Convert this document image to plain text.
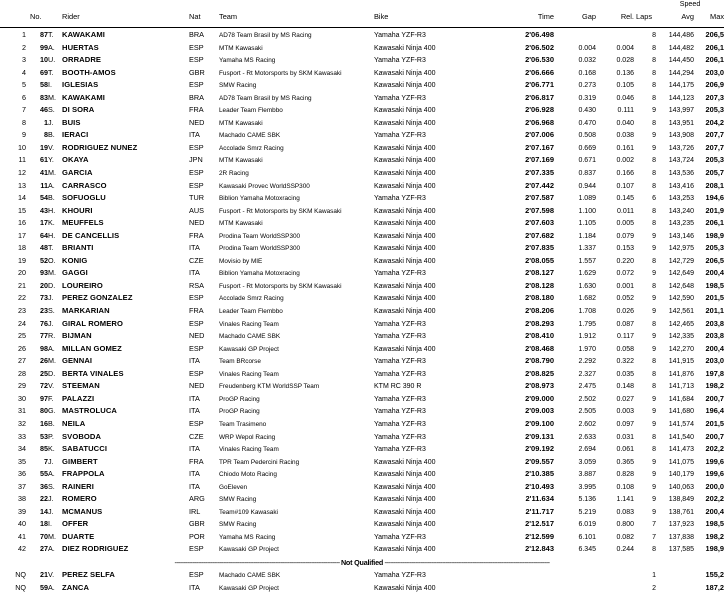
											Speed	
	No.		Rider	Nat	Team	Bike	Time	Gap	Rel.	Laps	Avg	Max

1	87	T.	KAWAKAMI	BRA	AD78 Team Brasil by MS Racing	Yamaha YZF-R3	2'06.498			8	144,486	206,5
2	99	A.	HUERTAS	ESP	MTM Kawasaki	Kawasaki Ninja 400	2'06.502	0.004	0.004	8	144,482	206,1
3	10	U.	ORRADRE	ESP	Yamaha MS Racing	Yamaha YZF-R3	2'06.530	0.032	0.028	8	144,450	206,1
4	69	T.	BOOTH-AMOS	GBR	Fusport - Rt Motorsports by SKM Kawasaki	Kawasaki Ninja 400	2'06.666	0.168	0.136	8	144,294	203,0
5	58	I.	IGLESIAS	ESP	SMW Racing	Kawasaki Ninja 400	2'06.771	0.273	0.105	8	144,175	206,9
6	83	M.	KAWAKAMI	BRA	AD78 Team Brasil by MS Racing	Yamaha YZF-R3	2'06.817	0.319	0.046	8	144,123	207,3
7	46	S.	DI SORA	FRA	Leader Team Flembbo	Kawasaki Ninja 400	2'06.928	0.430	0.111	9	143,997	205,3
8	1	J.	BUIS	NED	MTM Kawasaki	Kawasaki Ninja 400	2'06.968	0.470	0.040	8	143,951	204,2
9	8	B.	IERACI	ITA	Machado CAME SBK	Yamaha YZF-R3	2'07.006	0.508	0.038	9	143,908	207,7
10	19	V.	RODRIGUEZ NUNEZ	ESP	Accolade Smrz Racing	Kawasaki Ninja 400	2'07.167	0.669	0.161	9	143,726	207,7
11	61	Y.	OKAYA	JPN	MTM Kawasaki	Kawasaki Ninja 400	2'07.169	0.671	0.002	8	143,724	205,3
12	41	M.	GARCIA	ESP	2R Racing	Kawasaki Ninja 400	2'07.335	0.837	0.166	8	143,536	205,7
13	11	A.	CARRASCO	ESP	Kawasaki Provec WorldSSP300	Kawasaki Ninja 400	2'07.442	0.944	0.107	8	143,416	208,1
14	54	B.	SOFUOGLU	TUR	Biblion Yamaha Motoxracing	Yamaha YZF-R3	2'07.587	1.089	0.145	6	143,253	194,6
15	43	H.	KHOURI	AUS	Fusport - Rt Motorsports by SKM Kawasaki	Kawasaki Ninja 400	2'07.598	1.100	0.011	8	143,240	201,9
16	17	K.	MEUFFELS	NED	MTM Kawasaki	Kawasaki Ninja 400	2'07.603	1.105	0.005	8	143,235	206,1
17	64	H.	DE CANCELLIS	FRA	Prodina Team WorldSSP300	Kawasaki Ninja 400	2'07.682	1.184	0.079	9	143,146	198,9
18	48	T.	BRIANTI	ITA	Prodina Team WorldSSP300	Kawasaki Ninja 400	2'07.835	1.337	0.153	9	142,975	205,3
19	52	O.	KONIG	CZE	Movisio by MIE	Kawasaki Ninja 400	2'08.055	1.557	0.220	8	142,729	206,5
20	93	M.	GAGGI	ITA	Biblion Yamaha Motoxracing	Yamaha YZF-R3	2'08.127	1.629	0.072	9	142,649	200,4
21	20	D.	LOUREIRO	RSA	Fusport - Rt Motorsports by SKM Kawasaki	Kawasaki Ninja 400	2'08.128	1.630	0.001	8	142,648	198,5
22	73	J.	PEREZ GONZALEZ	ESP	Accolade Smrz Racing	Kawasaki Ninja 400	2'08.180	1.682	0.052	9	142,590	201,5
23	23	S.	MARKARIAN	FRA	Leader Team Flembbo	Kawasaki Ninja 400	2'08.206	1.708	0.026	9	142,561	201,1
24	76	J.	GIRAL ROMERO	ESP	Vinales Racing Team	Yamaha YZF-R3	2'08.293	1.795	0.087	8	142,465	203,8
25	77	R.	BIJMAN	NED	Machado CAME SBK	Yamaha YZF-R3	2'08.410	1.912	0.117	9	142,335	203,8
26	98	A.	MILLAN GOMEZ	ESP	Kawasaki GP Project	Kawasaki Ninja 400	2'08.468	1.970	0.058	9	142,270	200,4
27	26	M.	GENNAI	ITA	Team BRcorse	Yamaha YZF-R3	2'08.790	2.292	0.322	8	141,915	203,0
28	25	D.	BERTA VINALES	ESP	Vinales Racing Team	Yamaha YZF-R3	2'08.825	2.327	0.035	8	141,876	197,8
29	72	V.	STEEMAN	NED	Freudenberg KTM WorldSSP Team	KTM RC 390 R	2'08.973	2.475	0.148	8	141,713	198,2
30	97	F.	PALAZZI	ITA	ProGP Racing	Yamaha YZF-R3	2'09.000	2.502	0.027	9	141,684	200,7
31	80	G.	MASTROLUCA	ITA	ProGP Racing	Yamaha YZF-R3	2'09.003	2.505	0.003	9	141,680	196,4
32	16	B.	NEILA	ESP	Team Trasimeno	Yamaha YZF-R3	2'09.100	2.602	0.097	9	141,574	201,5
33	53	P.	SVOBODA	CZE	WRP Wepol Racing	Yamaha YZF-R3	2'09.131	2.633	0.031	8	141,540	200,7
34	85	K.	SABATUCCI	ITA	Vinales Racing Team	Yamaha YZF-R3	2'09.192	2.694	0.061	8	141,473	202,2
35	7	J.	GIMBERT	FRA	TPR Team Pedercini Racing	Kawasaki Ninja 400	2'09.557	3.059	0.365	9	141,075	199,6
36	55	A.	FRAPPOLA	ITA	Chiodo Moto Racing	Kawasaki Ninja 400	2'10.385	3.887	0.828	9	140,179	199,6
37	36	S.	RAINERI	ITA	GoEleven	Kawasaki Ninja 400	2'10.493	3.995	0.108	9	140,063	200,0
38	22	J.	ROMERO	ARG	SMW Racing	Kawasaki Ninja 400	2'11.634	5.136	1.141	9	138,849	202,2
39	14	J.	MCMANUS	IRL	Team#109 Kawasaki	Kawasaki Ninja 400	2'11.717	5.219	0.083	9	138,761	200,4
40	18	I.	OFFER	GBR	SMW Racing	Kawasaki Ninja 400	2'12.517	6.019	0.800	7	137,923	198,5
41	70	M.	DUARTE	POR	Yamaha MS Racing	Yamaha YZF-R3	2'12.599	6.101	0.082	7	137,838	198,2
42	27	A.	DIEZ RODRIGUEZ	ESP	Kawasaki GP Project	Kawasaki Ninja 400	2'12.843	6.345	0.244	8	137,585	198,9

-------------------------------------------------------------------------------------------- Not Qualified --------------------------------------------------------------------------------------------												

NQ	21	V.	PEREZ SELFA	ESP	Machado CAME SBK	Yamaha YZF-R3				1		155,2
NQ	59	A.	ZANCA	ITA	Kawasaki GP Project	Kawasaki Ninja 400				2		187,2
